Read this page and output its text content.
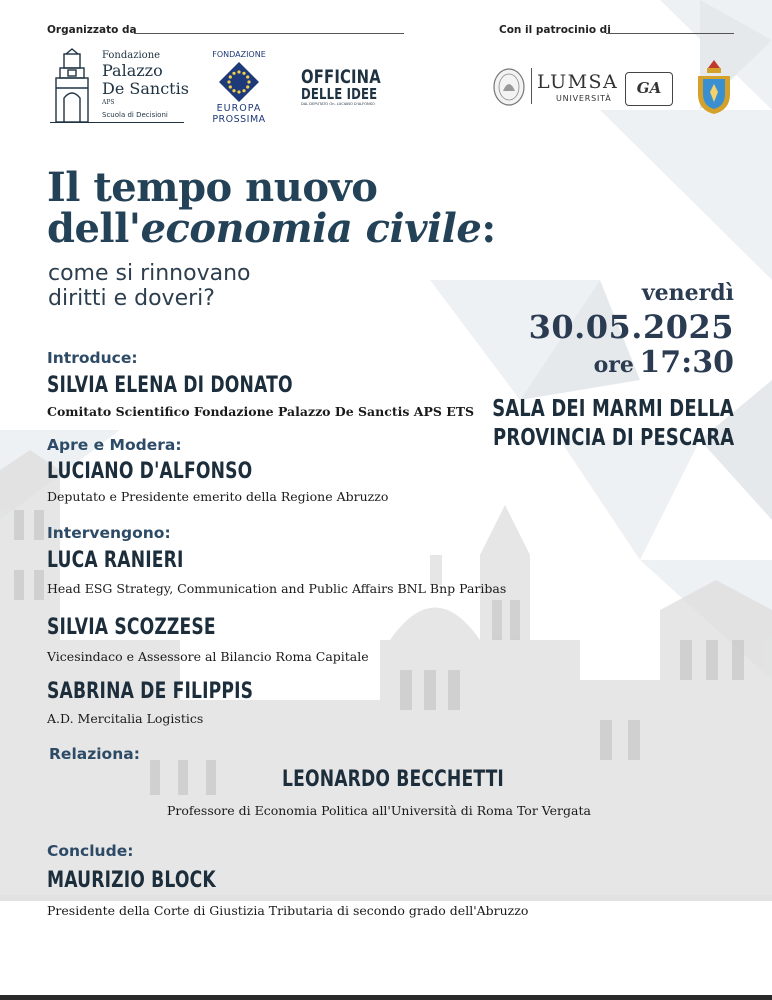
Organizzato da	Con il patrocinio di
Fondazione
Palazzo
De Sanctis
APS
Scuola di Decisioni
FONDAZIONE
EUROPA
PROSSIMA
OFFICINA
DELLE IDEE
DAL DEPUTATO On. LUCIANO D'ALFONSO
LUMSA
UNIVERSITÀ
GA
Il tempo nuovo
dell'economia civile:
come si rinnovano
diritti e doveri?	venerdì
30.05.2025
ore 17:30
SALA DEI MARMI DELLA
PROVINCIA DI PESCARA
Introduce:
SILVIA ELENA DI DONATO
Comitato Scientifico Fondazione Palazzo De Sanctis APS ETS
Apre e Modera:
LUCIANO D'ALFONSO
Deputato e Presidente emerito della Regione Abruzzo
Intervengono:
LUCA RANIERI
Head ESG Strategy, Communication and Public Affairs BNL Bnp Paribas
SILVIA SCOZZESE
Vicesindaco e Assessore al Bilancio Roma Capitale
SABRINA DE FILIPPIS
A.D. Mercitalia Logistics
Relaziona:
LEONARDO BECCHETTI
Professore di Economia Politica all'Università di Roma Tor Vergata
Conclude:
MAURIZIO BLOCK
Presidente della Corte di Giustizia Tributaria di secondo grado dell'Abruzzo
